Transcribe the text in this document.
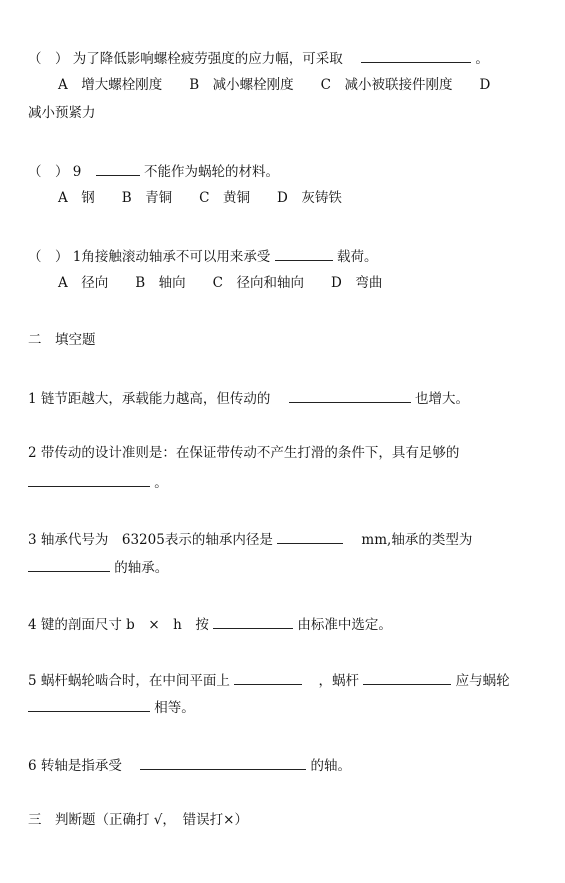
（　） 为了降低影响螺栓疲劳强度的应力幅，可采取	。
A　增大螺栓刚度　　B　减小螺栓刚度　　C　减小被联接件刚度　　D
减小预紧力
（　） 9	不能作为蜗轮的材料。
A　钢　　B　青铜　　C　黄铜　　D　灰铸铁
（　） 1角接触滚动轴承不可以用来承受	载荷。
A　径向　　B　轴向　　C　径向和轴向　　D　弯曲
二　填空题
1 链节距越大，承载能力越高，但传动的	也增大。
2 带传动的设计准则是：在保证带传动不产生打滑的条件下，具有足够的
。
3 轴承代号为　63205表示的轴承内径是	mm,轴承的类型为
的轴承。
4 键的剖面尺寸 b　×　h　按	由标准中选定。
5 蜗杆蜗轮啮合时，在中间平面上	，蜗杆	应与蜗轮
相等。
6 转轴是指承受	的轴。
三　判断题（正确打 √，　错误打×）
